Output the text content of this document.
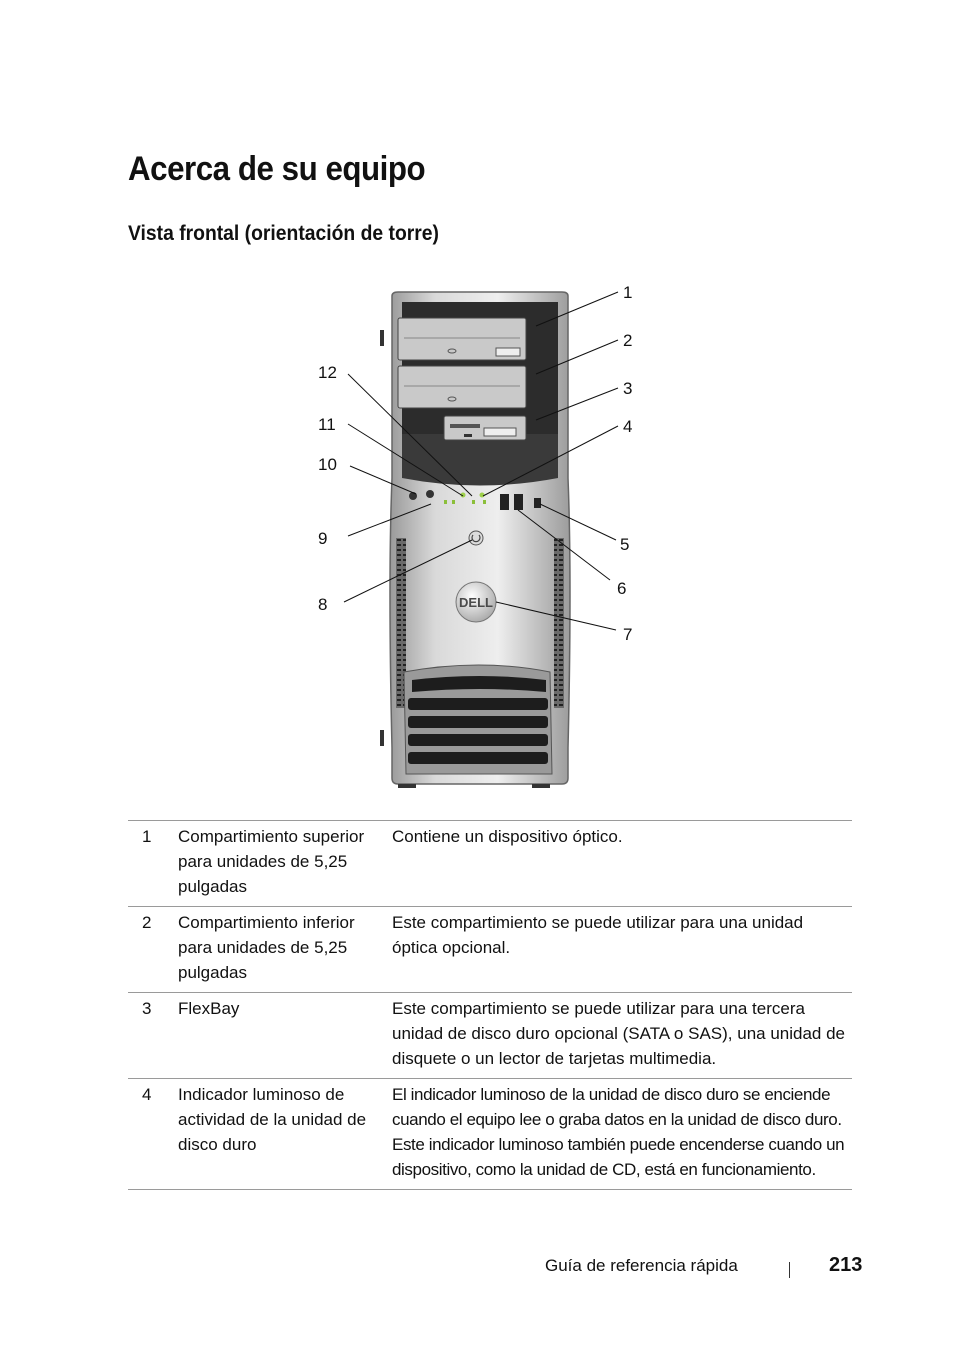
Acerca de su equipo
Vista frontal (orientación de torre)
DELL
1
2
3
4
5
6
7
8
9
10
11
12
1	Compartimiento superior para unidades de 5,25 pulgadas	Contiene un dispositivo óptico.
2	Compartimiento inferior para unidades de 5,25 pulgadas	Este compartimiento se puede utilizar para una unidad óptica opcional.
3	FlexBay	Este compartimiento se puede utilizar para una tercera unidad de disco duro opcional (SATA o SAS), una unidad de disquete o un lector de tarjetas multimedia.
4	Indicador luminoso de actividad de la unidad de disco duro	El indicador luminoso de la unidad de disco duro se enciende cuando el equipo lee o graba datos en la unidad de disco duro. Este indicador luminoso también puede encenderse cuando un dispositivo, como la unidad de CD, está en funcionamiento.
Guía de referencia rápida	213
